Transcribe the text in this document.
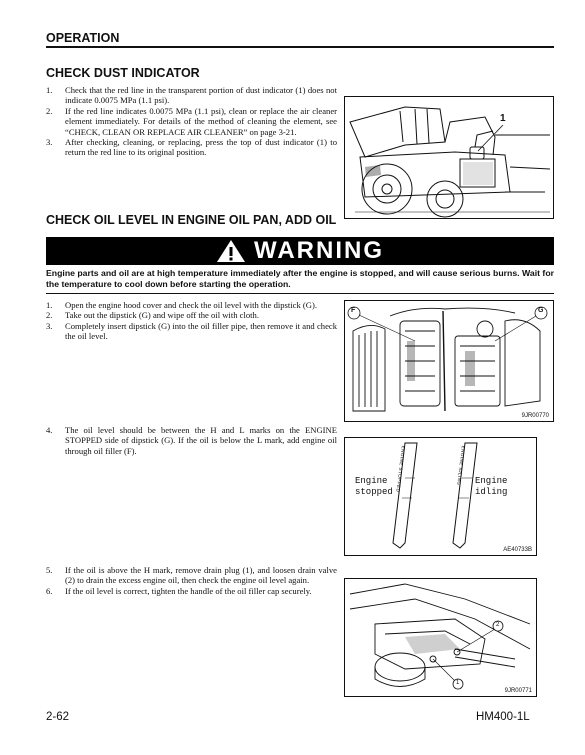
OPERATION
CHECK DUST INDICATOR
1. Check that the red line in the transparent portion of dust indicator (1) does not indicate 0.0075 MPa (1.1 psi).
2. If the red line indicates 0.0075 MPa (1.1 psi), clean or replace the air cleaner element immediately. For details of the method of cleaning the element, see “CHECK, CLEAN OR REPLACE AIR CLEANER” on page 3-21.
3. After checking, cleaning, or replacing, press the top of dust indicator (1) to return the red line to its original position.
1
CHECK OIL LEVEL IN ENGINE OIL PAN, ADD OIL
WARNING
Engine parts and oil are at high temperature immediately after the engine is stopped, and will cause serious burns. Wait for the temperature to cool down before starting the operation.
1. Open the engine hood cover and check the oil level with the dipstick (G).
2. Take out the dipstick (G) and wipe off the oil with cloth.
3. Completely insert dipstick (G) into the oil filler pipe, then remove it and check the oil level.
F	G
9JR00770
4. The oil level should be between the H and L marks on the ENGINE STOPPED side of dipstick (G). If the oil is below the L mark, add engine oil through oil filler (F).	ENGINE STOPPED	ENGINE IDLING
Engine
stopped
Engine
idling
AE40733B
5. If the oil is above the H mark, remove drain plug (1), and loosen drain valve (2) to drain the excess engine oil, then check the engine oil level again.
6. If the oil level is correct, tighten the handle of the oil filler cap securely.
2
1
9JR00771
2-62	HM400-1L
